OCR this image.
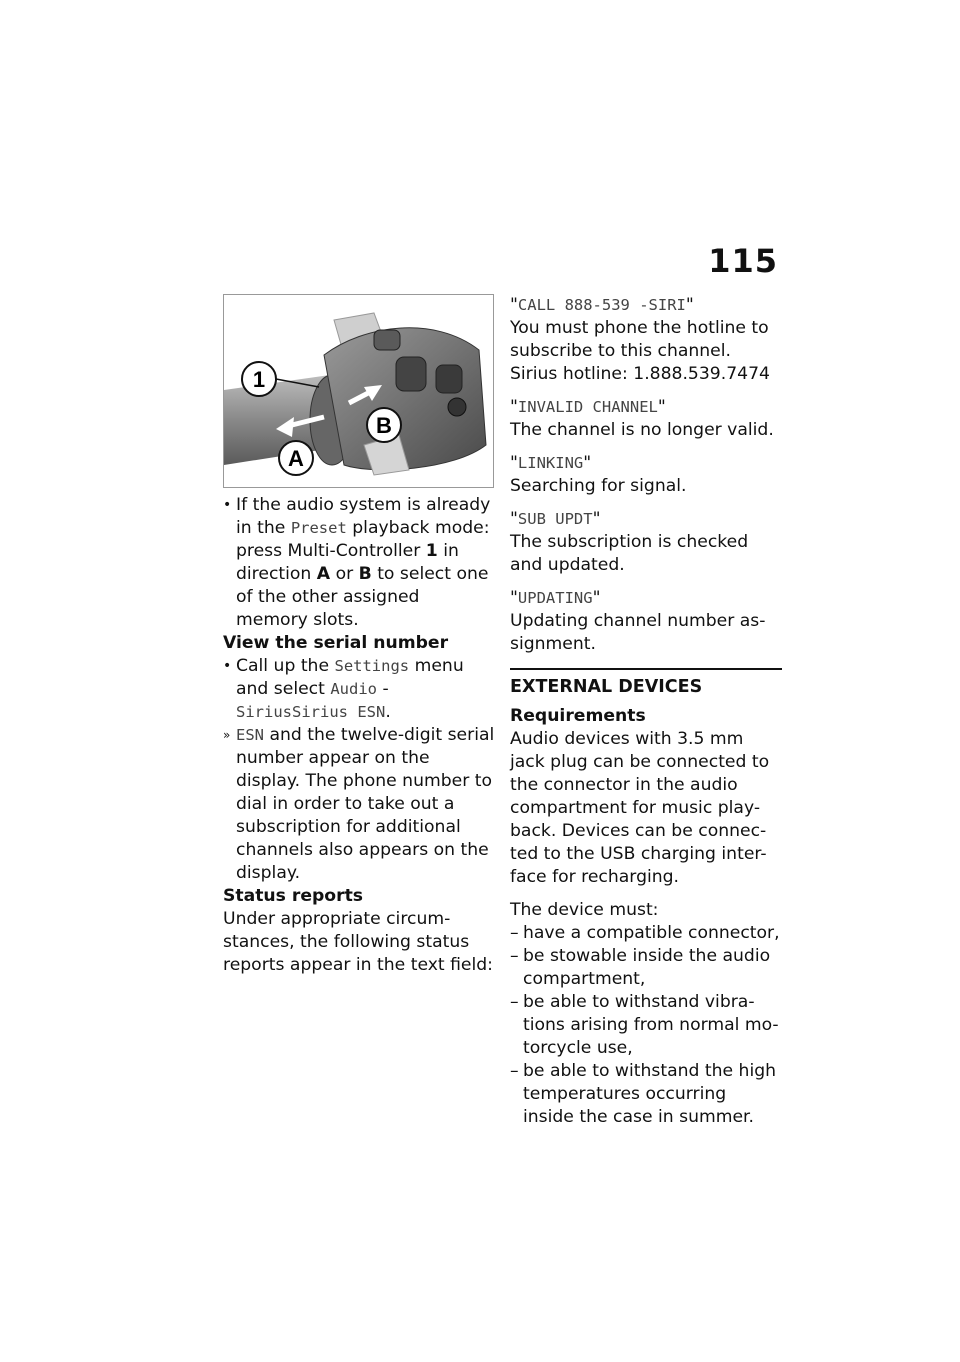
115
1
A
B
• If the audio system is already in the Preset playback mode: press Multi-Controller 1 in direction A or B to select one of the other assigned memory slots.
View the serial number
• Call up the Settings menu and select Audio - SiriusSirius ESN.
» ESN and the twelve-digit serial number appear on the display. The phone number to dial in order to take out a subscription for additional channels also appears on the display.
Status reports
Under appropriate circum-stances, the following status reports appear in the text field:
"CALL 888-539 -SIRI"
You must phone the hotline to subscribe to this channel. Sirius hotline: 1.888.539.7474
"INVALID CHANNEL"
The channel is no longer valid.
"LINKING"
Searching for signal.
"SUB UPDT"
The subscription is checked and updated.
"UPDATING"
Updating channel number as-signment.
EXTERNAL DEVICES
Requirements
Audio devices with 3.5 mm jack plug can be connected to the connector in the audio compartment for music play-back. Devices can be connec-ted to the USB charging inter-face for recharging.
The device must:
– have a compatible connector,
– be stowable inside the audio compartment,
– be able to withstand vibra-tions arising from normal mo-torcycle use,
– be able to withstand the high temperatures occurring inside the case in summer.
